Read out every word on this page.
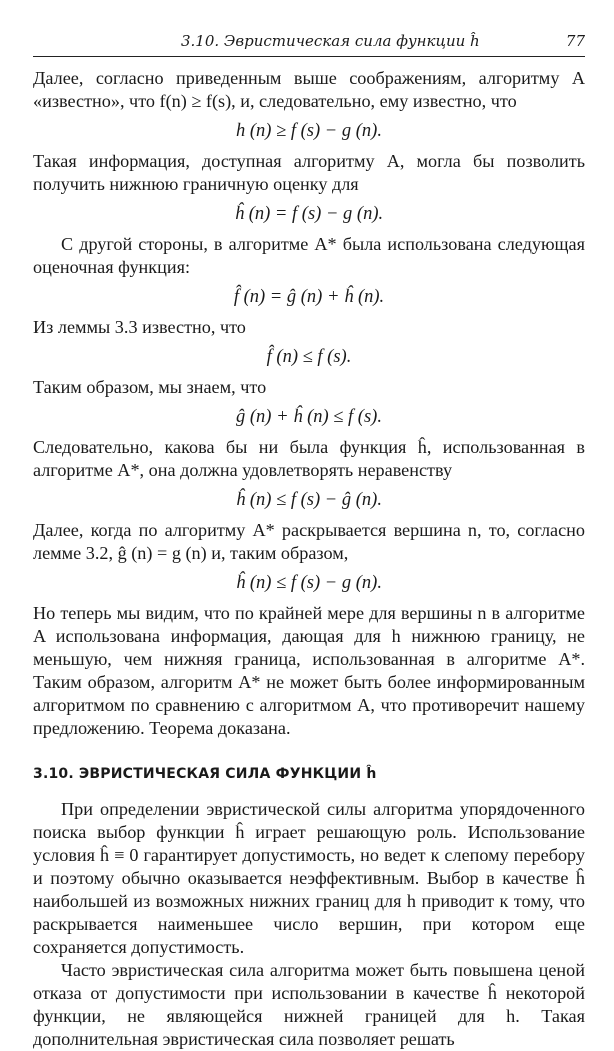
3.10. Эвристическая сила функции ĥ	77

Далее, согласно приведенным выше соображениям, алгоритму A «известно», что f(n) ≥ f(s), и, следовательно, ему известно, что

h (n) ≥ f (s) − g (n).

Такая информация, доступная алгоритму A, могла бы позволить получить нижнюю граничную оценку для

ĥ (n) = f (s) − g (n).

С другой стороны, в алгоритме A* была использована следующая оценочная функция:

f̂ (n) = ĝ (n) + ĥ (n).

Из леммы 3.3 известно, что

f̂ (n) ≤ f (s).

Таким образом, мы знаем, что

ĝ (n) + ĥ (n) ≤ f (s).

Следовательно, какова бы ни была функция ĥ, использованная в алгоритме A*, она должна удовлетворять неравенству

ĥ (n) ≤ f (s) − ĝ (n).

Далее, когда по алгоритму A* раскрывается вершина n, то, согласно лемме 3.2, ĝ (n) = g (n) и, таким образом,

ĥ (n) ≤ f (s) − g (n).

Но теперь мы видим, что по крайней мере для вершины n в алгоритме A использована информация, дающая для h нижнюю границу, не меньшую, чем нижняя граница, использованная в алгоритме A*. Таким образом, алгоритм A* не может быть более информированным алгоритмом по сравнению с алгоритмом A, что противоречит нашему предложению. Теорема доказана.

3.10. ЭВРИСТИЧЕСКАЯ СИЛА ФУНКЦИИ ĥ

При определении эвристической силы алгоритма упорядоченного поиска выбор функции ĥ играет решающую роль. Использование условия ĥ ≡ 0 гарантирует допустимость, но ведет к слепому перебору и поэтому обычно оказывается неэффективным. Выбор в качестве ĥ наибольшей из возможных нижних границ для h приводит к тому, что раскрывается наименьшее число вершин, при котором еще сохраняется допустимость.

Часто эвристическая сила алгоритма может быть повышена ценой отказа от допустимости при использовании в качестве ĥ некоторой функции, не являющейся нижней границей для h. Такая дополнительная эвристическая сила позволяет решать
